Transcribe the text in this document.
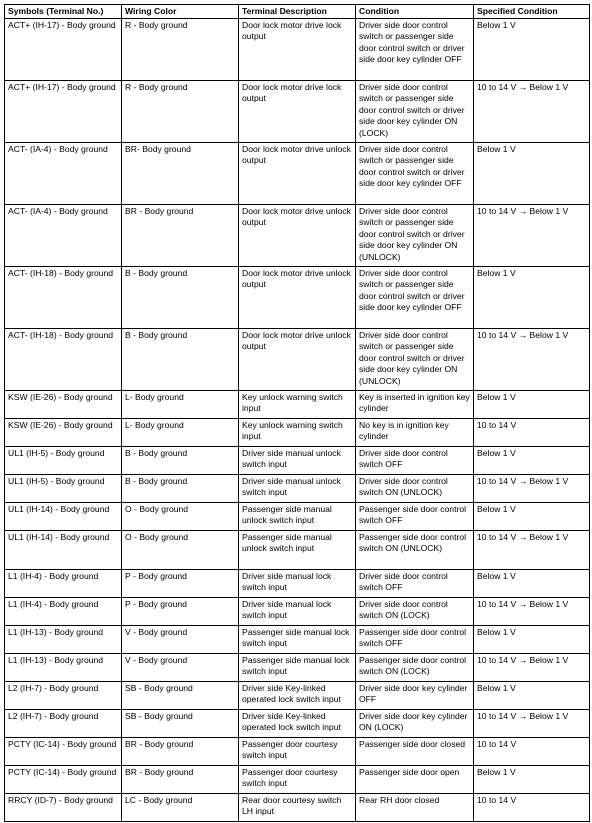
Symbols (Terminal No.)	Wiring Color	Terminal Description	Condition	Specified Condition
ACT+ (IH-17) - Body ground	R - Body ground	Door lock motor drive lock output	Driver side door control switch or passenger side door control switch or driver side door key cylinder OFF	Below 1 V
ACT+ (IH-17) - Body ground	R - Body ground	Door lock motor drive lock output	Driver side door control switch or passenger side door control switch or driver side door key cylinder ON (LOCK)	10 to 14 V → Below 1 V
ACT- (IA-4) - Body ground	BR- Body ground	Door lock motor drive unlock output	Driver side door control switch or passenger side door control switch or driver side door key cylinder OFF	Below 1 V
ACT- (IA-4) - Body ground	BR - Body ground	Door lock motor drive unlock output	Driver side door control switch or passenger side door control switch or driver side door key cylinder ON (UNLOCK)	10 to 14 V → Below 1 V
ACT- (IH-18) - Body ground	B - Body ground	Door lock motor drive unlock output	Driver side door control switch or passenger side door control switch or driver side door key cylinder OFF	Below 1 V
ACT- (IH-18) - Body ground	B - Body ground	Door lock motor drive unlock output	Driver side door control switch or passenger side door control switch or driver side door key cylinder ON (UNLOCK)	10 to 14 V → Below 1 V
KSW (IE-26) - Body ground	L- Body ground	Key unlock warning switch input	Key is inserted in ignition key cylinder	Below 1 V
KSW (IE-26) - Body ground	L- Body ground	Key unlock warning switch input	No key is in ignition key cylinder	10 to 14 V
UL1 (IH-5) - Body ground	B - Body ground	Driver side manual unlock switch input	Driver side door control switch OFF	Below 1 V
UL1 (IH-5) - Body ground	B - Body ground	Driver side manual unlock switch input	Driver side door control switch ON (UNLOCK)	10 to 14 V → Below 1 V
UL1 (IH-14) - Body ground	O - Body ground	Passenger side manual unlock switch input	Passenger side door control switch OFF	Below 1 V
UL1 (IH-14) - Body ground	O - Body ground	Passenger side manual unlock switch input	Passenger side door control switch ON (UNLOCK)	10 to 14 V → Below 1 V
L1 (IH-4) - Body ground	P - Body ground	Driver side manual lock switch input	Driver side door control switch OFF	Below 1 V
L1 (IH-4) - Body ground	P - Body ground	Driver side manual lock switch input	Driver side door control switch ON (LOCK)	10 to 14 V → Below 1 V
L1 (IH-13) - Body ground	V - Body ground	Passenger side manual lock switch input	Passenger side door control switch OFF	Below 1 V
L1 (IH-13) - Body ground	V - Body ground	Passenger side manual lock switch input	Passenger side door control switch ON (LOCK)	10 to 14 V → Below 1 V
L2 (IH-7) - Body ground	SB - Body ground	Driver side Key-linked operated lock switch input	Driver side door key cylinder OFF	Below 1 V
L2 (IH-7) - Body ground	SB - Body ground	Driver side Key-linked operated lock switch input	Driver side door key cylinder ON (LOCK)	10 to 14 V → Below 1 V
PCTY (IC-14) - Body ground	BR - Body ground	Passenger door courtesy switch input	Passenger side door closed	10 to 14 V
PCTY (IC-14) - Body ground	BR - Body ground	Passenger door courtesy switch input	Passenger side door open	Below 1 V
RRCY (ID-7) - Body ground	LC - Body ground	Rear door courtesy switch LH input	Rear RH door closed	10 to 14 V
